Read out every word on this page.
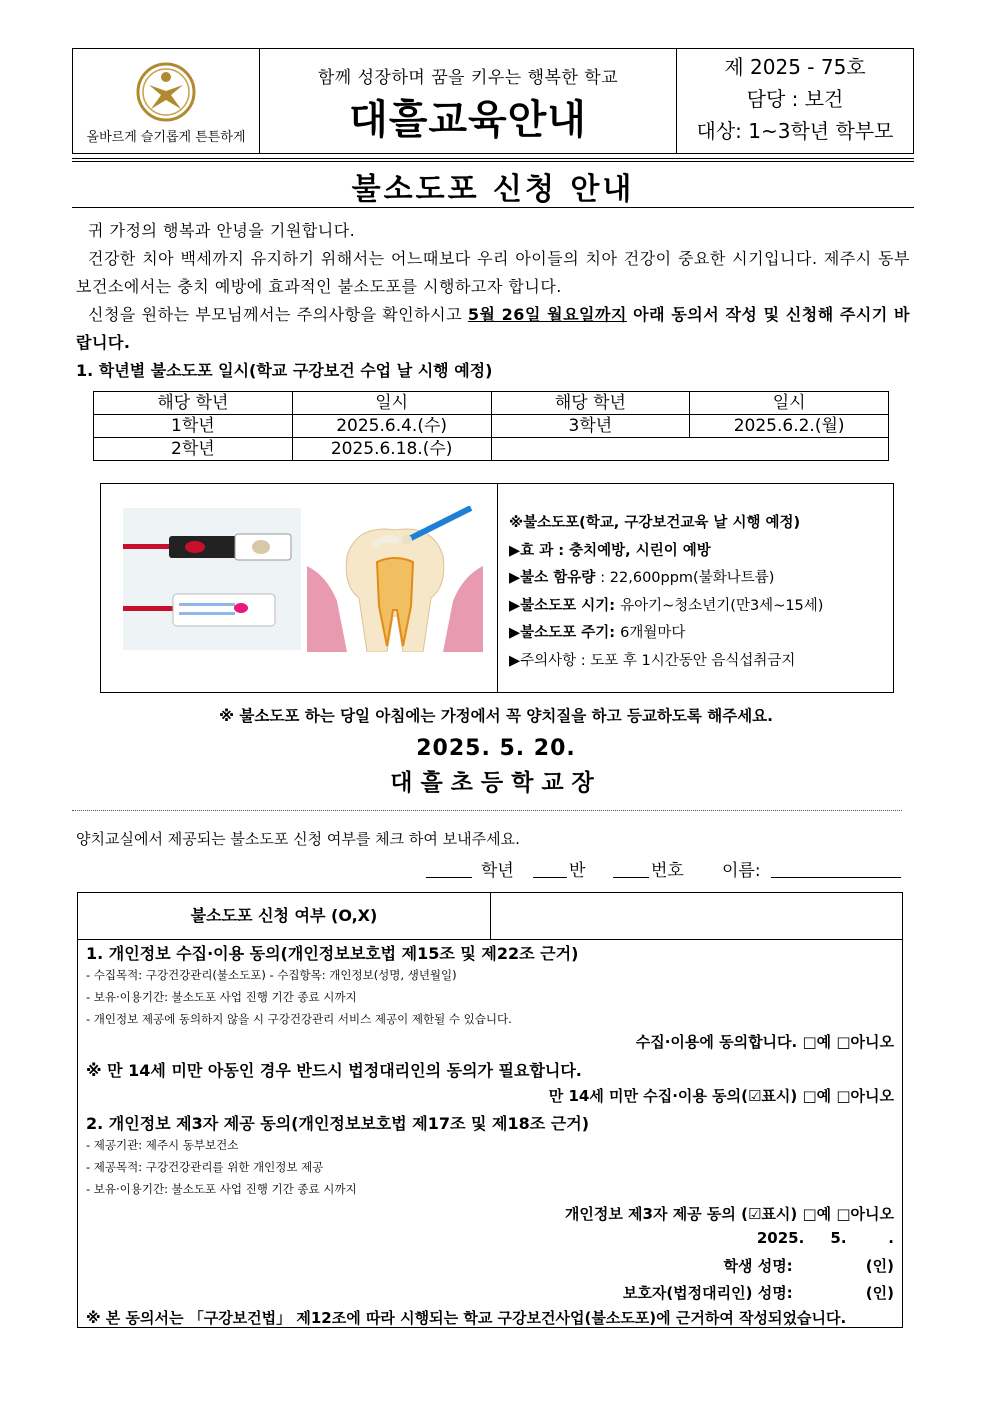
올바르게 슬기롭게 튼튼하게
함께 성장하며 꿈을 키우는 행복한 학교
대흘교육안내
제 2025 - 75호
담당 : 보건
대상: 1~3학년 학부모
불소도포 신청 안내
귀 가정의 행복과 안녕을 기원합니다.
건강한 치아 백세까지 유지하기 위해서는 어느때보다 우리 아이들의 치아 건강이 중요한 시기입니다. 제주시 동부보건소에서는 충치 예방에 효과적인 불소도포를 시행하고자 합니다.
신청을 원하는 부모님께서는 주의사항을 확인하시고 5월 26일 월요일까지 아래 동의서 작성 및 신청해 주시기 바랍니다.
1. 학년별 불소도포 일시(학교 구강보건 수업 날 시행 예정)
해당 학년	일시	해당 학년	일시
1학년	2025.6.4.(수)	3학년	2025.6.2.(월)
2학년	2025.6.18.(수)		
※불소도포(학교, 구강보건교육 날 시행 예정)
▶효 과 : 충치예방, 시린이 예방
▶불소 함유량 : 22,600ppm(불화나트륨)
▶불소도포 시기: 유아기~청소년기(만3세~15세)
▶불소도포 주기: 6개월마다
▶주의사항 : 도포 후 1시간동안 음식섭취금지
※ 불소도포 하는 당일 아침에는 가정에서 꼭 양치질을 하고 등교하도록 해주세요.
2025. 5. 20.
대흘초등학교장
양치교실에서 제공되는 불소도포 신청 여부를 체크 하여 보내주세요.
학년	반	번호 이름:
불소도포 신청 여부 (O,X)
1. 개인정보 수집·이용 동의(개인정보보호법 제15조 및 제22조 근거)
- 수집목적: 구강건강관리(불소도포) - 수집항목: 개인정보(성명, 생년월일)
- 보유·이용기간: 불소도포 사업 진행 기간 종료 시까지
- 개인정보 제공에 동의하지 않을 시 구강건강관리 서비스 제공이 제한될 수 있습니다.
수집·이용에 동의합니다. □예 □아니오
※ 만 14세 미만 아동인 경우 반드시 법정대리인의 동의가 필요합니다.
만 14세 미만 수집·이용 동의(☑표시) □예 □아니오
2. 개인정보 제3자 제공 동의(개인정보보호법 제17조 및 제18조 근거)
- 제공기관: 제주시 동부보건소
- 제공목적: 구강건강관리를 위한 개인정보 제공
- 보유·이용기간: 불소도포 사업 진행 기간 종료 시까지
개인정보 제3자 제공 동의 (☑표시) □예 □아니오
2025.     5.        .
학생 성명:              (인)
보호자(법정대리인) 성명:              (인)
※ 본 동의서는 「구강보건법」 제12조에 따라 시행되는 학교 구강보건사업(불소도포)에 근거하여 작성되었습니다.
